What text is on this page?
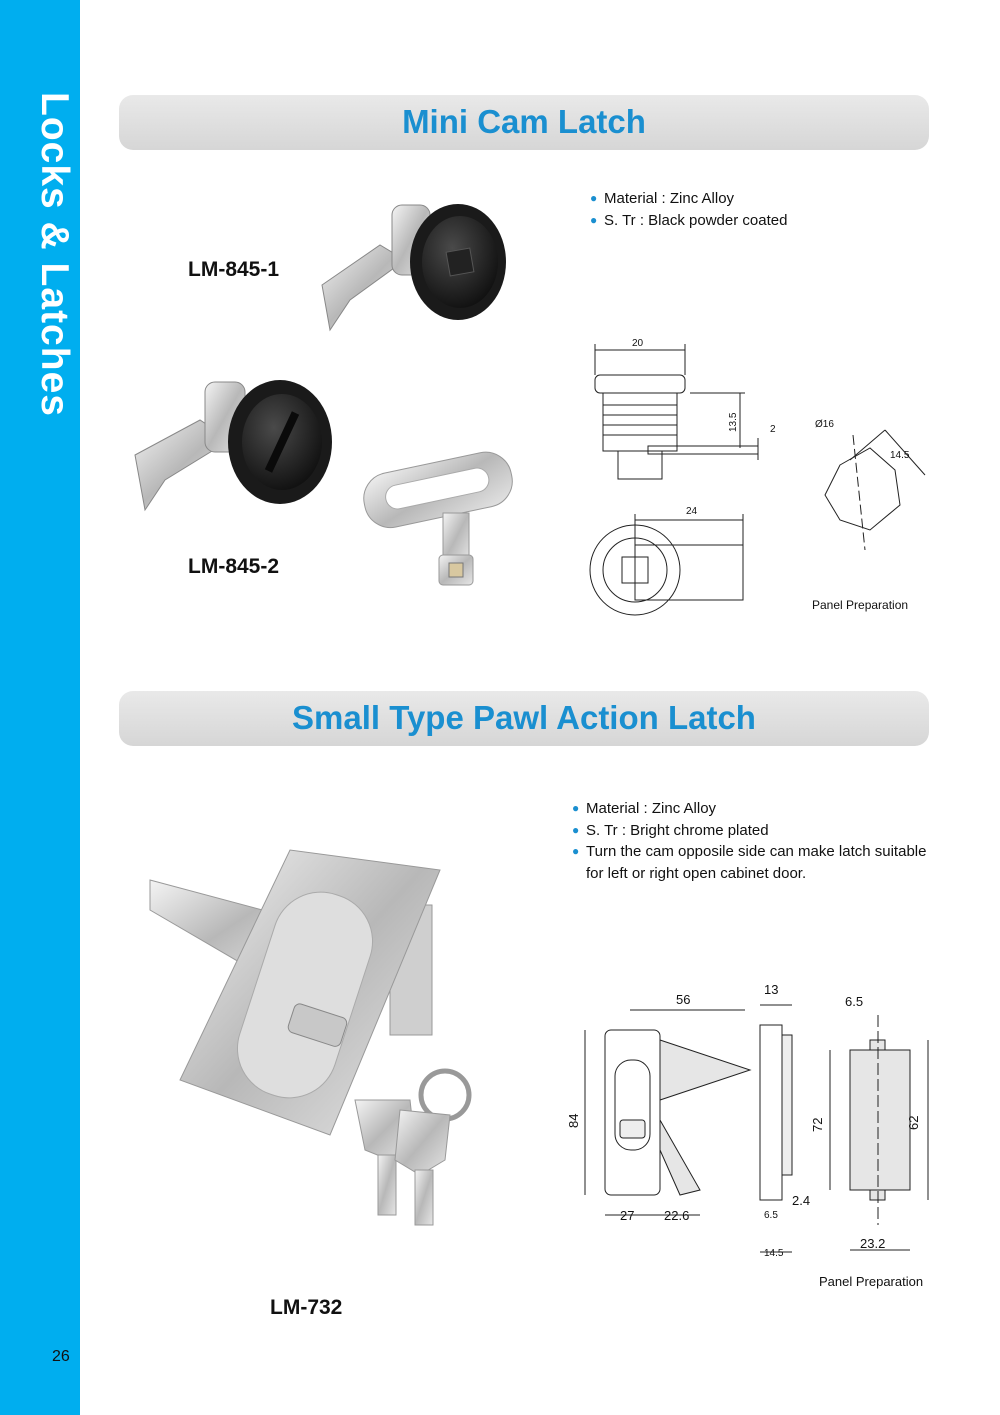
Locks & Latches
26
Mini Cam Latch
LM-845-1
LM-845-2
● Material : Zinc Alloy
● S. Tr : Black powder coated
20
13.5	2	Ø16
14.5
24
Panel Preparation
Small Type Pawl Action Latch
LM-732
● Material : Zinc Alloy
● S. Tr : Bright chrome plated
● Turn the cam opposile side can make latch suitable
for left or right open cabinet door.
56
13
84
27 22.6	6.5
2.4
14.5
6.5
72	62
23.2
Panel Preparation
